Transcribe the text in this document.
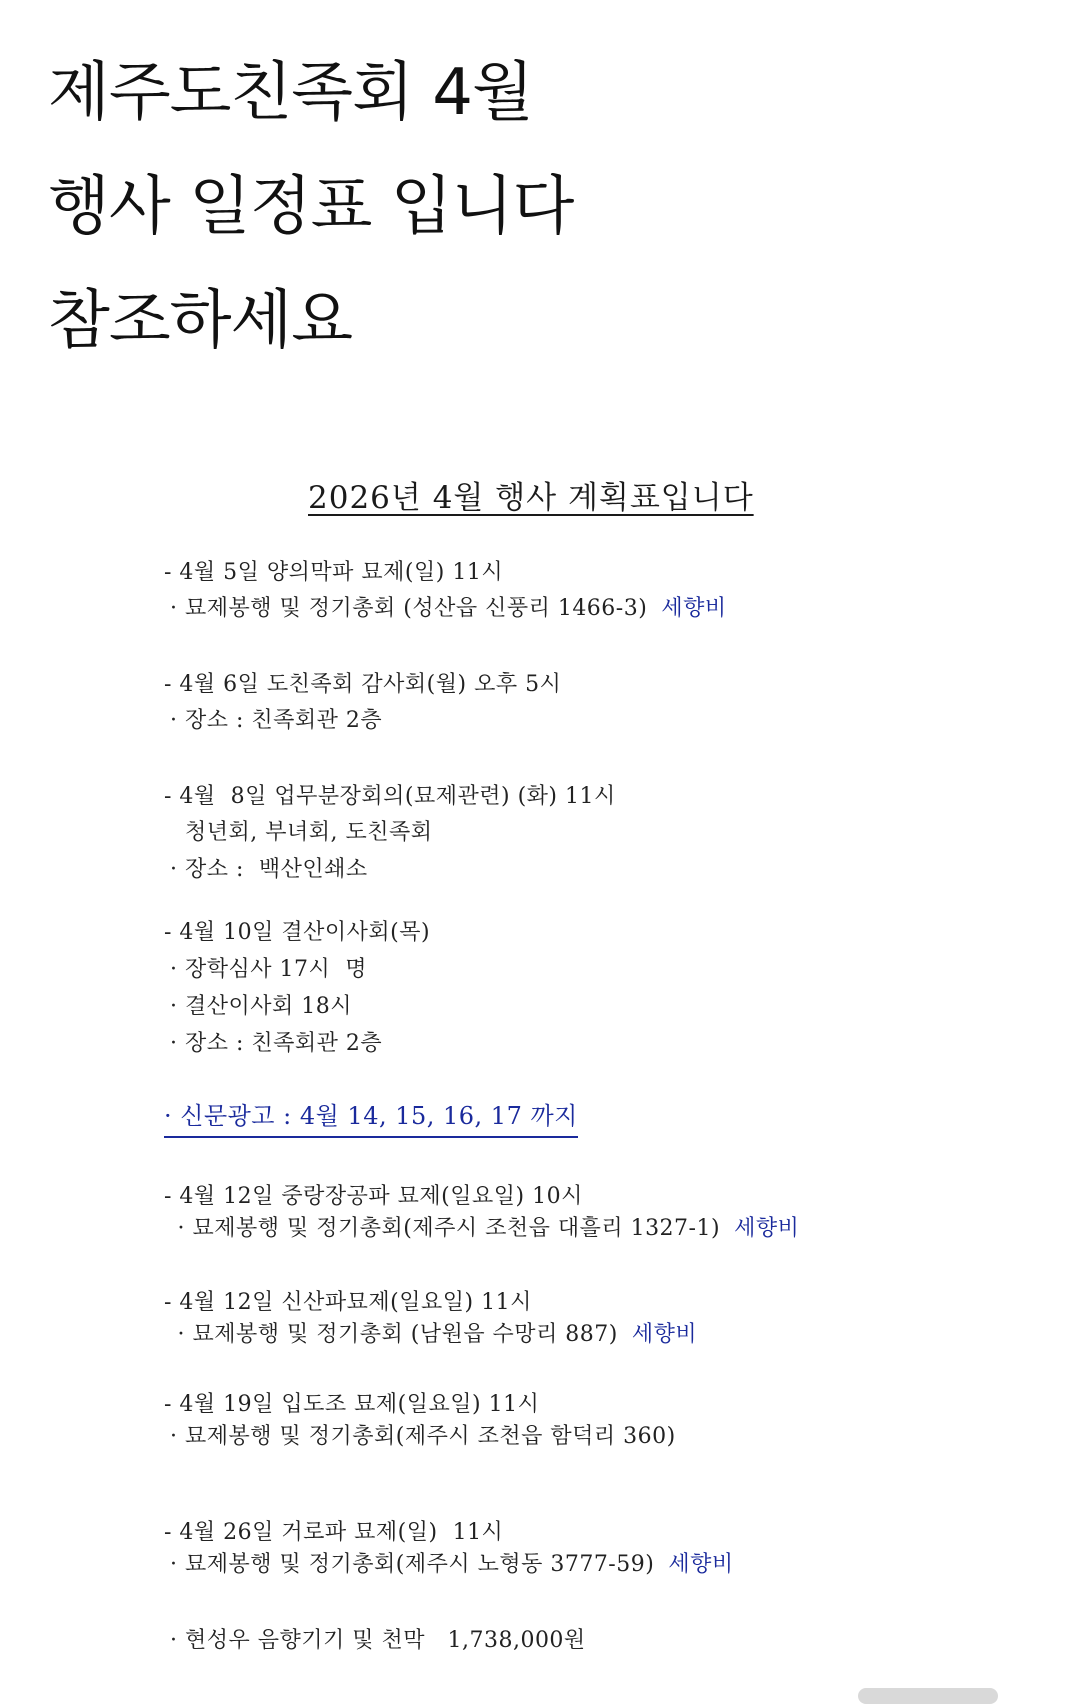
제주도친족회 4월
행사 일정표 입니다
참조하세요
2026년 4월 행사 계획표입니다
- 4월 5일 양의막파 묘제(일) 11시
· 묘제봉행 및 정기총회 (성산읍 신풍리 1466-3) 세향비
- 4월 6일 도친족회 감사회(월) 오후 5시
· 장소 : 친족회관 2층
- 4월  8일 업무분장회의(묘제관련) (화) 11시
청년회, 부녀회, 도친족회
· 장소 :  백산인쇄소
- 4월 10일 결산이사회(목)
· 장학심사 17시  명
· 결산이사회 18시
· 장소 : 친족회관 2층
· 신문광고 : 4월 14, 15, 16, 17 까지
- 4월 12일 중랑장공파 묘제(일요일) 10시
· 묘제봉행 및 정기총회(제주시 조천읍 대흘리 1327-1) 세향비
- 4월 12일 신산파묘제(일요일) 11시
· 묘제봉행 및 정기총회 (남원읍 수망리 887) 세향비
- 4월 19일 입도조 묘제(일요일) 11시
· 묘제봉행 및 정기총회(제주시 조천읍 함덕리 360)
- 4월 26일 거로파 묘제(일)  11시
· 묘제봉행 및 정기총회(제주시 노형동 3777-59) 세향비
· 현성우 음향기기 및 천막   1,738,000원
